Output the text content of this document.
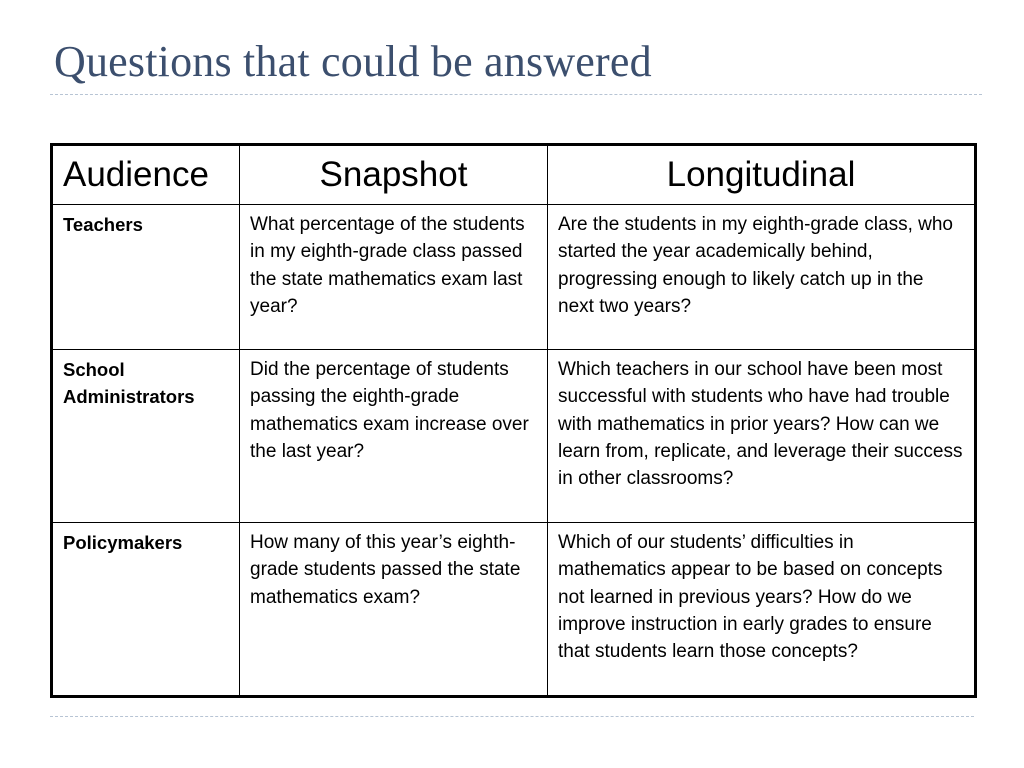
Questions that could be answered
Audience	Snapshot	Longitudinal
Teachers	What percentage of the students in my eighth-grade class passed the state mathematics exam last year?	Are the students in my eighth-grade class, who started the year academically behind, progressing enough to likely catch up in the next two years?
School Administrators	Did the percentage of students passing the eighth-grade mathematics exam increase over the last year?	Which teachers in our school have been most successful with students who have had trouble with mathematics in prior years? How can we learn from, replicate, and leverage their success in other classrooms?
Policymakers	How many of this year’s eighth-grade students passed the state mathematics exam?	Which of our students’ difficulties in mathematics appear to be based on concepts not learned in previous years? How do we improve instruction in early grades to ensure that students learn those concepts?
